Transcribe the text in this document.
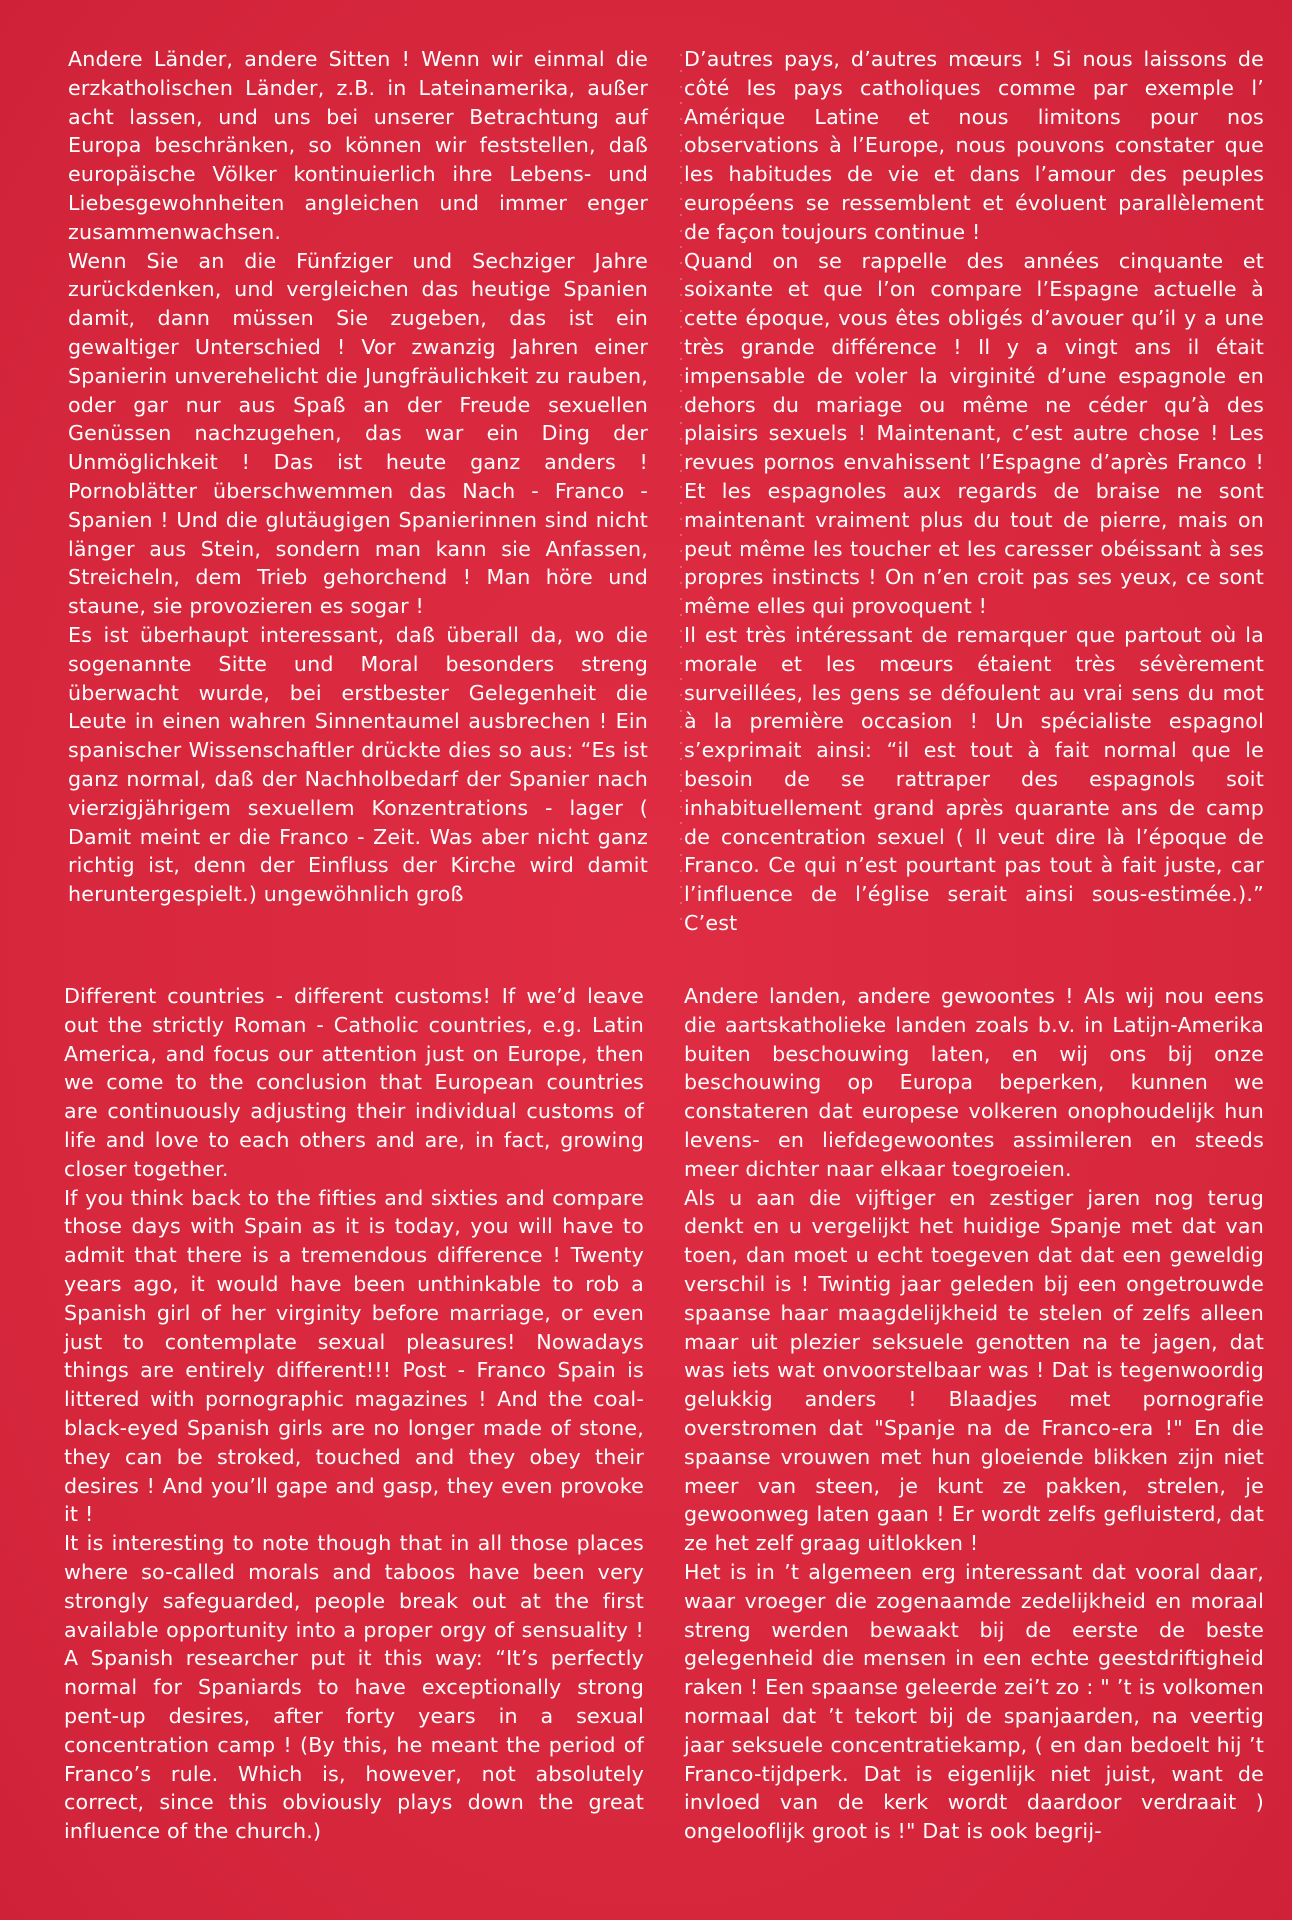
Andere Länder, andere Sitten ! Wenn wir einmal die erzkatholischen Länder, z.B. in Lateinamerika, außer acht lassen, und uns bei unserer Betrachtung auf Europa beschränken, so können wir feststellen, daß europäische Völker kontinuierlich ihre Lebens- und Liebesgewohnheiten angleichen und immer enger zusammenwachsen.

Wenn Sie an die Fünfziger und Sechziger Jahre zurückdenken, und vergleichen das heutige Spanien damit, dann müssen Sie zugeben, das ist ein gewaltiger Unterschied ! Vor zwanzig Jahren einer Spanierin unverehelicht die Jungfräulichkeit zu rauben, oder gar nur aus Spaß an der Freude sexuellen Genüssen nachzugehen, das war ein Ding der Unmöglichkeit ! Das ist heute ganz anders ! Pornoblätter überschwemmen das Nach - Franco -Spanien ! Und die glutäugigen Spanierinnen sind nicht länger aus Stein, sondern man kann sie Anfassen, Streicheln, dem Trieb gehorchend ! Man höre und staune, sie provozieren es sogar !

Es ist überhaupt interessant, daß überall da, wo die sogenannte Sitte und Moral besonders streng überwacht wurde, bei erstbester Gelegenheit die Leute in einen wahren Sinnentaumel ausbrechen ! Ein spanischer Wissenschaftler drückte dies so aus: “Es ist ganz normal, daß der Nachholbedarf der Spanier nach vierzigjährigem sexuellem Konzentrations - lager ( Damit meint er die Franco - Zeit. Was aber nicht ganz richtig ist, denn der Einfluss der Kirche wird damit heruntergespielt.) ungewöhnlich groß

D’autres pays, d’autres mœurs ! Si nous laissons de côté les pays catholiques comme par exemple l’ Amérique Latine et nous limitons pour nos observations à l’Europe, nous pouvons constater que les habitudes de vie et dans l’amour des peuples européens se ressemblent et évoluent parallèlement de façon toujours continue !

Quand on se rappelle des années cinquante et soixante et que l’on compare l’Espagne actuelle à cette époque, vous êtes obligés d’avouer qu’il y a une très grande différence ! Il y a vingt ans il était impensable de voler la virginité d’une espagnole en dehors du mariage ou même ne céder qu’à des plaisirs sexuels ! Maintenant, c’est autre chose ! Les revues pornos envahissent l’Espagne d’après Franco ! Et les espagnoles aux regards de braise ne sont maintenant vraiment plus du tout de pierre, mais on peut même les toucher et les caresser obéissant à ses propres instincts ! On n’en croit pas ses yeux, ce sont même elles qui provoquent !

Il est très intéressant de remarquer que partout où la morale et les mœurs étaient très sévèrement surveillées, les gens se défoulent au vrai sens du mot à la première occasion ! Un spécialiste espagnol s’exprimait ainsi: “il est tout à fait normal que le besoin de se rattraper des espagnols soit inhabituellement grand après quarante ans de camp de concentration sexuel ( Il veut dire là l’époque de Franco. Ce qui n’est pourtant pas tout à fait juste, car l’influence de l’église serait ainsi sous-estimée.).” C’est

Different countries - different customs! If we’d leave out the strictly Roman - Catholic countries, e.g. Latin America, and focus our attention just on Europe, then we come to the conclusion that European countries are continuously adjusting their individual customs of life and love to each others and are, in fact, growing closer together.

If you think back to the fifties and sixties and compare those days with Spain as it is today, you will have to admit that there is a tremendous difference ! Twenty years ago, it would have been unthinkable to rob a Spanish girl of her virginity before marriage, or even just to contemplate sexual pleasures! Nowadays things are entirely different!!! Post - Franco Spain is littered with pornographic magazines ! And the coal-black-eyed Spanish girls are no longer made of stone, they can be stroked, touched and they obey their desires ! And you’ll gape and gasp, they even provoke it !

It is interesting to note though that in all those places where so-called morals and taboos have been very strongly safeguarded, people break out at the first available opportunity into a proper orgy of sensuality ! A Spanish researcher put it this way: “It’s perfectly normal for Spaniards to have exceptionally strong pent-up desires, after forty years in a sexual concentration camp ! (By this, he meant the period of Franco’s rule. Which is, however, not absolutely correct, since this obviously plays down the great influence of the church.)

Andere landen, andere gewoontes ! Als wij nou eens die aartskatholieke landen zoals b.v. in Latijn-Amerika buiten beschouwing laten, en wij ons bij onze beschouwing op Europa beperken, kunnen we constateren dat europese volkeren onophoudelijk hun levens- en liefdegewoontes assimileren en steeds meer dichter naar elkaar toegroeien.

Als u aan die vijftiger en zestiger jaren nog terug denkt en u vergelijkt het huidige Spanje met dat van toen, dan moet u echt toegeven dat dat een geweldig verschil is ! Twintig jaar geleden bij een ongetrouwde spaanse haar maagdelijkheid te stelen of zelfs alleen maar uit plezier seksuele genotten na te jagen, dat was iets wat onvoorstelbaar was ! Dat is tegenwoordig gelukkig anders ! Blaadjes met pornografie overstromen dat "Spanje na de Franco-era !" En die spaanse vrouwen met hun gloeiende blikken zijn niet meer van steen, je kunt ze pakken, strelen, je gewoonweg laten gaan ! Er wordt zelfs gefluisterd, dat ze het zelf graag uitlokken !

Het is in ’t algemeen erg interessant dat vooral daar, waar vroeger die zogenaamde zedelijkheid en moraal streng werden bewaakt bij de eerste de beste gelegenheid die mensen in een echte geestdriftigheid raken ! Een spaanse geleerde zei’t zo : " ’t is volkomen normaal dat ’t tekort bij de spanjaarden, na veertig jaar seksuele concentratiekamp, ( en dan bedoelt hij ’t Franco-tijdperk. Dat is eigenlijk niet juist, want de invloed van de kerk wordt daardoor verdraait ) ongelooflijk groot is !" Dat is ook begrij-
